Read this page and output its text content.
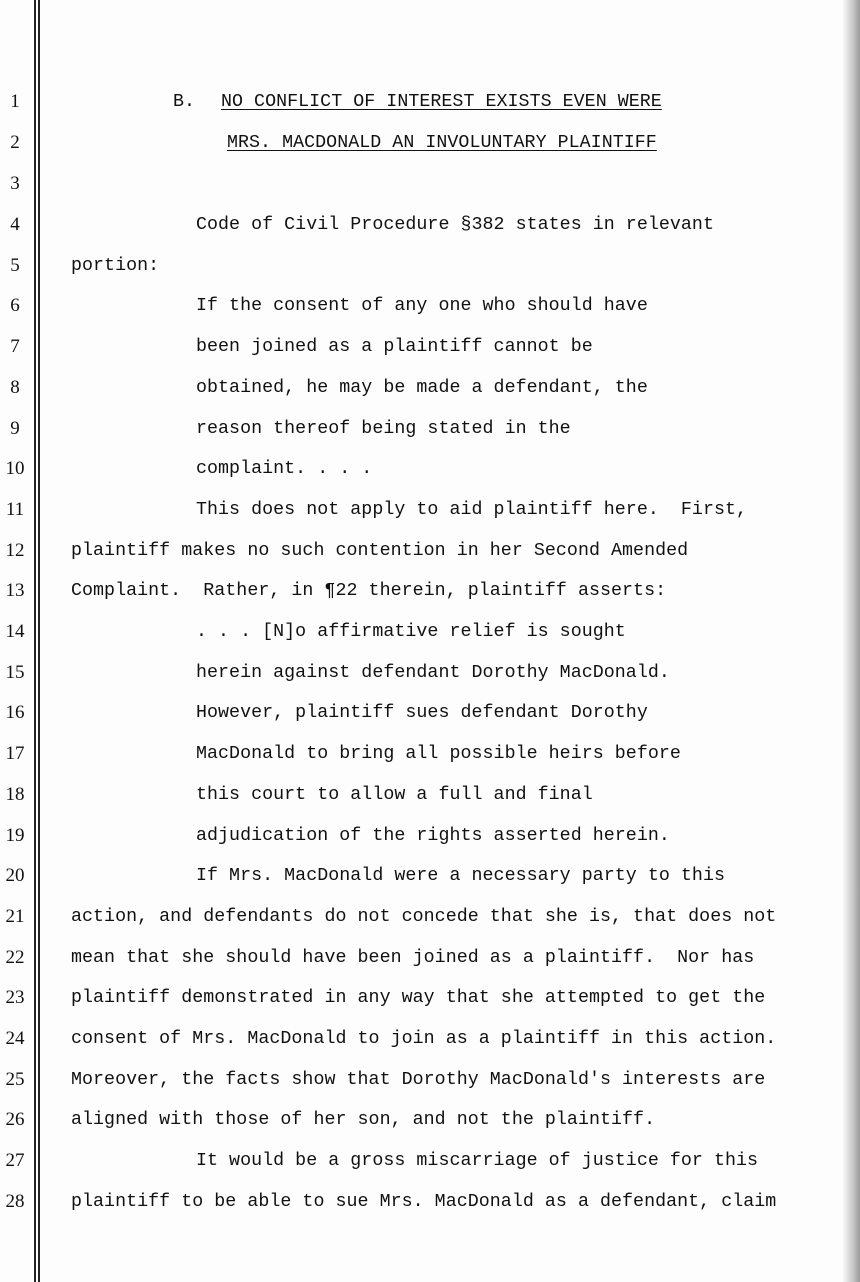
1
2
3
4
5
6
7
8
9
10
11
12
13
14
15
16
17
18
19
20
21
22
23
24
25
26
27
28
B. NO CONFLICT OF INTEREST EXISTS EVEN WERE
MRS. MACDONALD AN INVOLUNTARY PLAINTIFF
Code of Civil Procedure §382 states in relevant
portion:
If the consent of any one who should have
been joined as a plaintiff cannot be
obtained, he may be made a defendant, the
reason thereof being stated in the
complaint. . . .
This does not apply to aid plaintiff here.  First,
plaintiff makes no such contention in her Second Amended
Complaint.  Rather, in ¶22 therein, plaintiff asserts:
. . . [N]o affirmative relief is sought
herein against defendant Dorothy MacDonald.
However, plaintiff sues defendant Dorothy
MacDonald to bring all possible heirs before
this court to allow a full and final
adjudication of the rights asserted herein.
If Mrs. MacDonald were a necessary party to this
action, and defendants do not concede that she is, that does not
mean that she should have been joined as a plaintiff.  Nor has
plaintiff demonstrated in any way that she attempted to get the
consent of Mrs. MacDonald to join as a plaintiff in this action.
Moreover, the facts show that Dorothy MacDonald's interests are
aligned with those of her son, and not the plaintiff.
It would be a gross miscarriage of justice for this
plaintiff to be able to sue Mrs. MacDonald as a defendant, claim
